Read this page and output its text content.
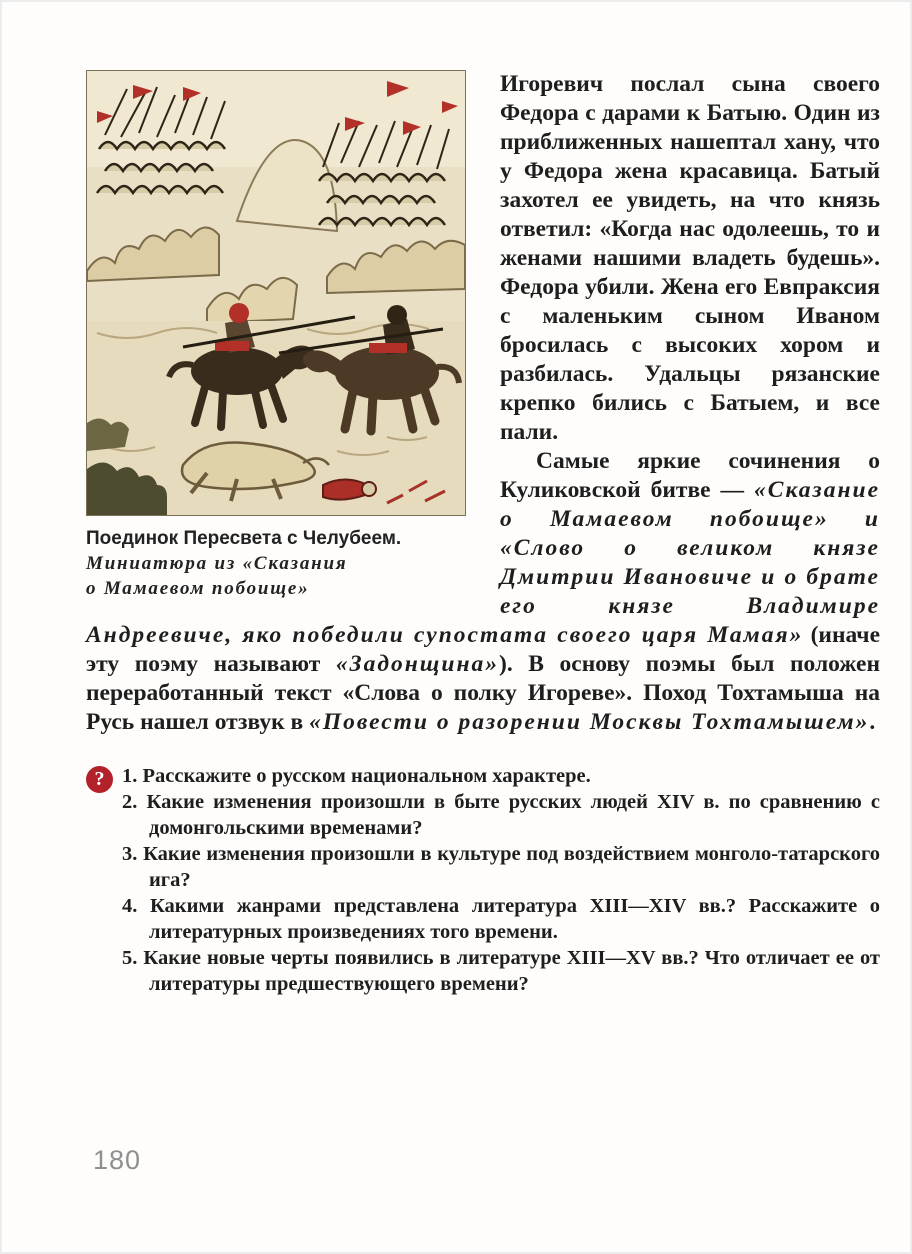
Поединок Пересвета с Челубеем.
Миниатюра из «Сказания
о Мамаевом побоище»

Игоревич послал сына своего Федора с дарами к Батыю. Один из приближенных нашептал хану, что у Федора жена красавица. Батый захотел ее увидеть, на что князь ответил: «Когда нас одолеешь, то и женами нашими владеть будешь». Федора убили. Жена его Евпраксия с маленьким сыном Иваном бросилась с высоких хором и разбилась. Удальцы рязанские крепко бились с Батыем, и все пали.

Самые яркие сочинения о Куликовской битве — «Сказание о Мамаевом побоище» и «Слово о великом князе Дмитрии Ивановиче и о брате его князе Владимире Андреевиче, яко победили супостата своего царя Мамая» (иначе эту поэму называют «Задонщина»). В основу поэмы был положен переработанный текст «Слова о полку Игореве». Поход Тохтамыша на Русь нашел отзвук в «Повести о разорении Москвы Тохтамышем».

? 1. Расскажите о русском национальном характере.

2. Какие изменения произошли в быте русских людей XIV в. по сравнению с домонгольскими временами?

3. Какие изменения произошли в культуре под воздействием монголо-татарского ига?

4. Какими жанрами представлена литература XIII—XIV вв.? Расскажите о литературных произведениях того времени.

5. Какие новые черты появились в литературе XIII—XV вв.? Что отличает ее от литературы предшествующего времени?

180
